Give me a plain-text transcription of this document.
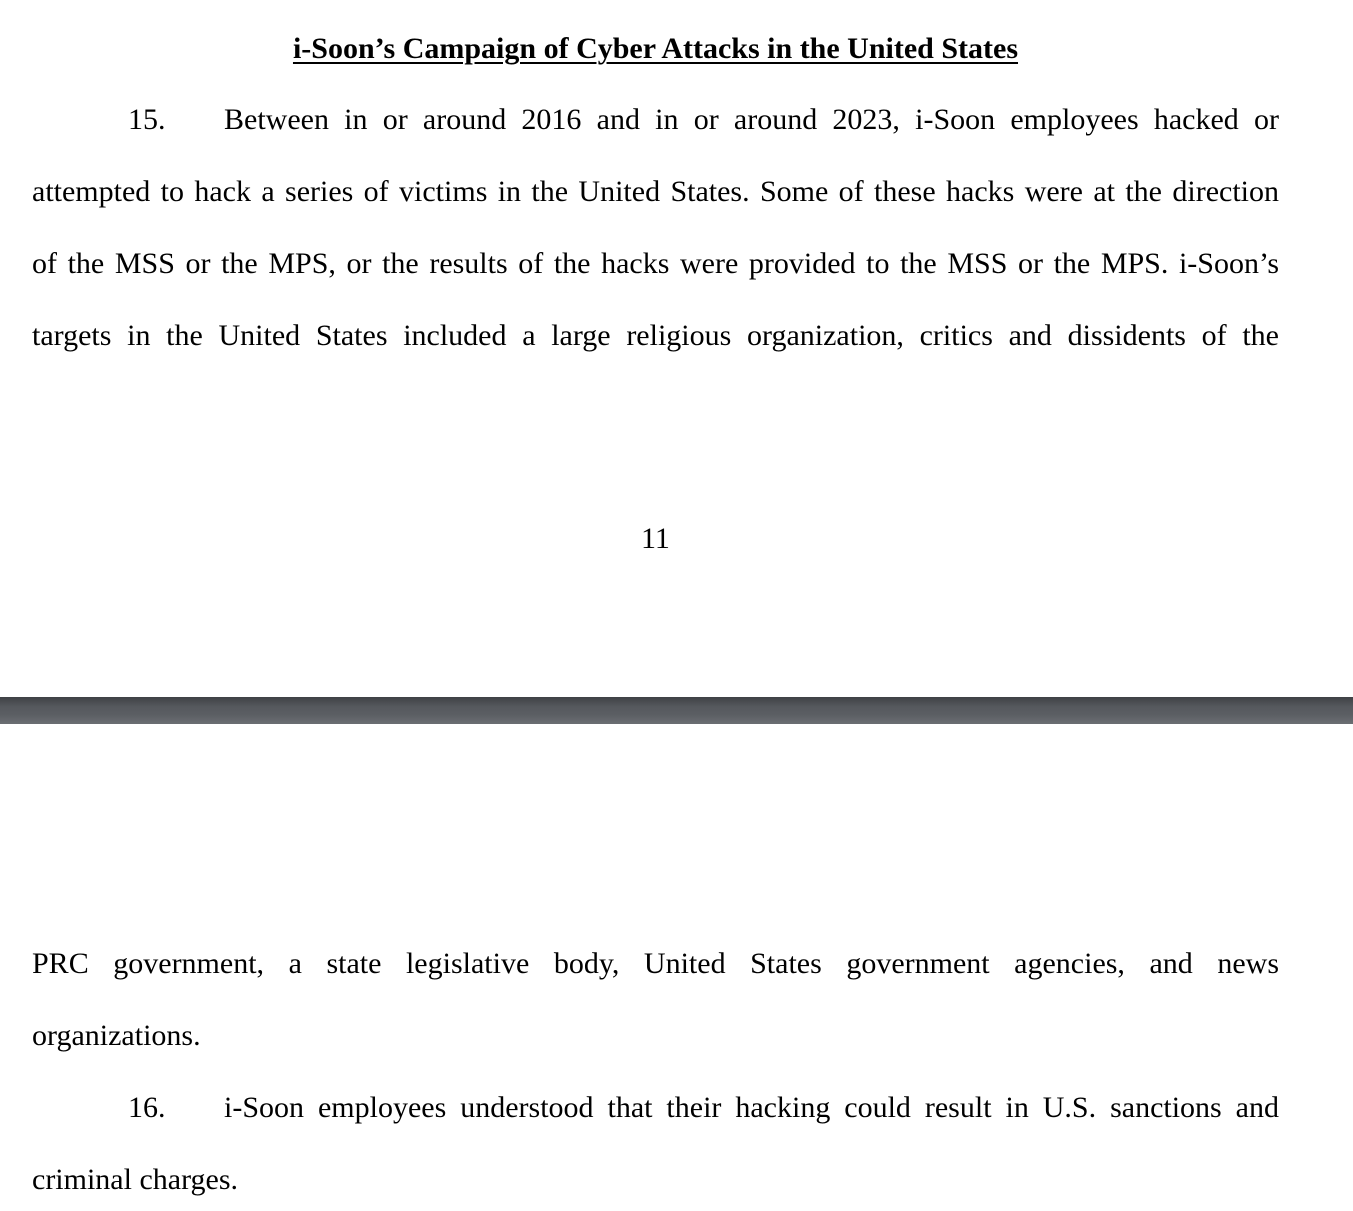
i-Soon’s Campaign of Cyber Attacks in the United States
15. Between in or around 2016 and in or around 2023, i-Soon employees hacked or
attempted to hack a series of victims in the United States. Some of these hacks were at the direction
of the MSS or the MPS, or the results of the hacks were provided to the MSS or the MPS. i-Soon’s
targets in the United States included a large religious organization, critics and dissidents of the
11
PRC government, a state legislative body, United States government agencies, and news
organizations.
16. i-Soon employees understood that their hacking could result in U.S. sanctions and
criminal charges.
